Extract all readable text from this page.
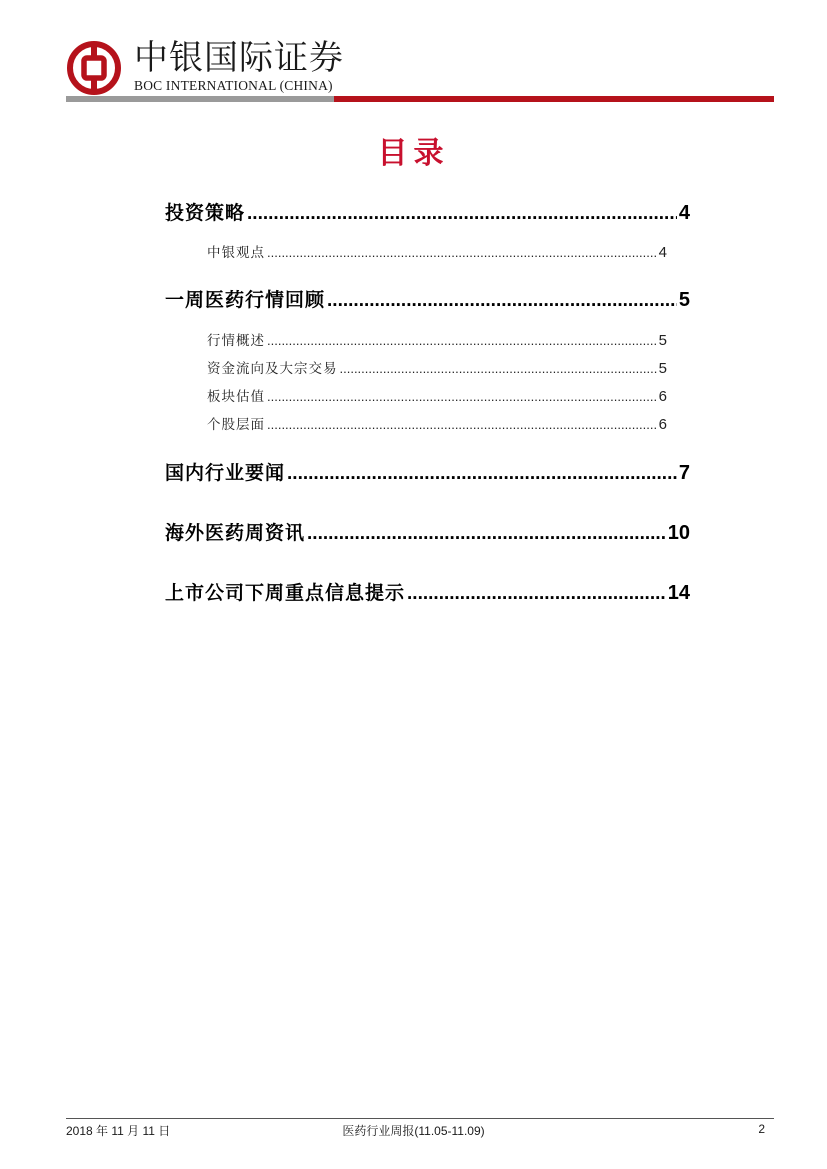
中银国际证券
BOC INTERNATIONAL (CHINA)
目录
投资策略 .....	4
中银观点 .....	4
一周医药行情回顾 .....	5
行情概述 .....	5
资金流向及大宗交易 .....	5
板块估值 .....	6
个股层面 .....	6
国内行业要闻 .....	7
海外医药周资讯 .....	10
上市公司下周重点信息提示 .....	14
2018 年 11 月 11 日	医药行业周报(11.05-11.09)	2
